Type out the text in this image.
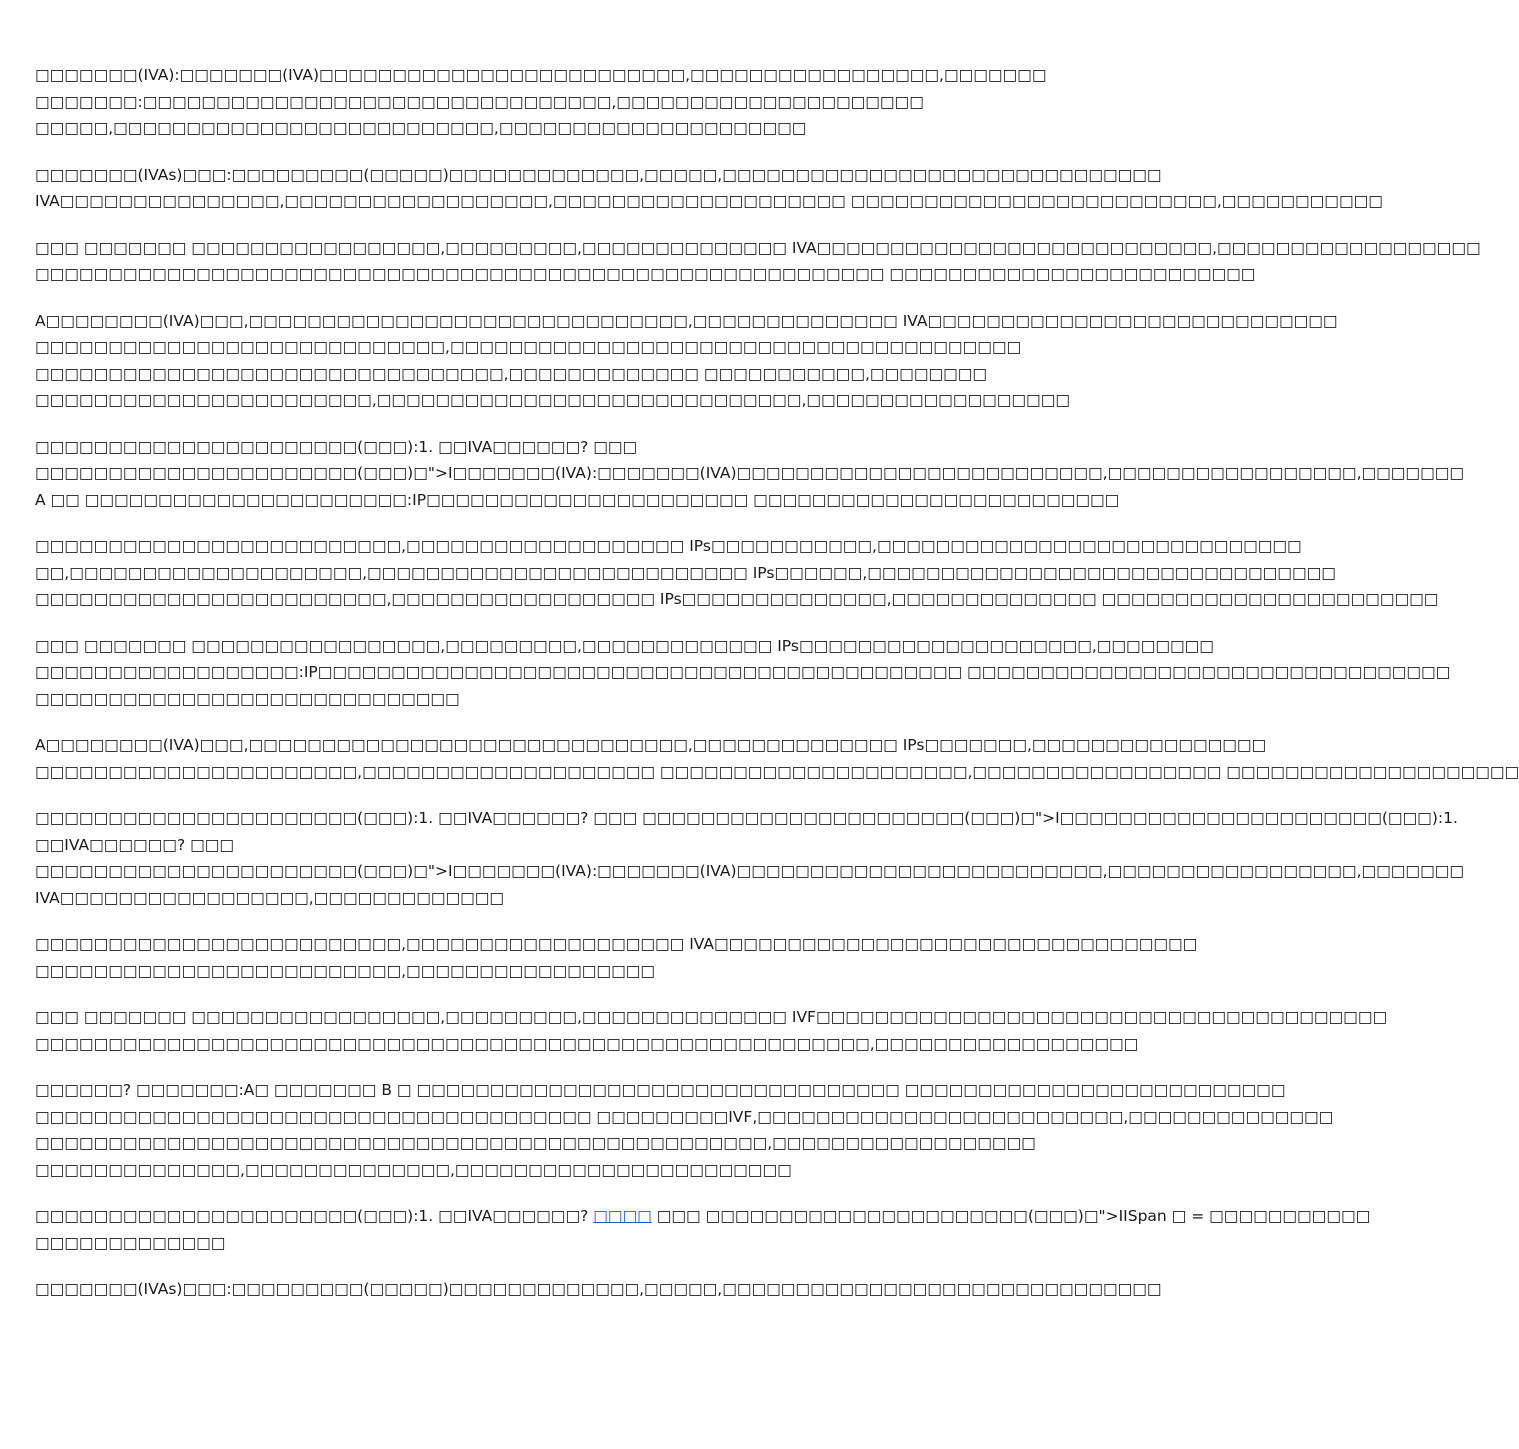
□□□□□□□(IVA):□□□□□□□(IVA)□□□□□□□□□□□□□□□□□□□□□□□□□,□□□□□□□□□□□□□□□□□,□□□□□□□
□□□□□□□:□□□□□□□□□□□□□□□□□□□□□□□□□□□□□□□□,□□□□□□□□□□□□□□□□□□□□□
□□□□□,□□□□□□□□□□□□□□□□□□□□□□□□□□,□□□□□□□□□□□□□□□□□□□□□
□□□□□□□(IVAs)□□□:□□□□□□□□□(□□□□□)□□□□□□□□□□□□□,□□□□□,□□□□□□□□□□□□□□□□□□□□□□□□□□□□□□
IVA□□□□□□□□□□□□□□□,□□□□□□□□□□□□□□□□□□,□□□□□□□□□□□□□□□□□□□□ □□□□□□□□□□□□□□□□□□□□□□□□□,□□□□□□□□□□□
□□□ □□□□□□□ □□□□□□□□□□□□□□□□□,□□□□□□□□□,□□□□□□□□□□□□□□ IVA□□□□□□□□□□□□□□□□□□□□□□□□□□□,□□□□□□□□□□□□□□□□□□
□□□□□□□□□□□□□□□□□□□□□□□□□□□□□□□□□□□□□□□□□□□□□□□□□□□□□□□□□□ □□□□□□□□□□□□□□□□□□□□□□□□□
A□□□□□□□□(IVA)□□□,□□□□□□□□□□□□□□□□□□□□□□□□□□□□□□,□□□□□□□□□□□□□□ IVA□□□□□□□□□□□□□□□□□□□□□□□□□□□□
□□□□□□□□□□□□□□□□□□□□□□□□□□□□,□□□□□□□□□□□□□□□□□□□□□□□□□□□□□□□□□□□□□□□
□□□□□□□□□□□□□□□□□□□□□□□□□□□□□□□□,□□□□□□□□□□□□□ □□□□□□□□□□□,□□□□□□□□
□□□□□□□□□□□□□□□□□□□□□□□,□□□□□□□□□□□□□□□□□□□□□□□□□□□□□,□□□□□□□□□□□□□□□□□□
□□□□□□□□□□□□□□□□□□□□□□(□□□):1. □□IVA□□□□□□? □□□
□□□□□□□□□□□□□□□□□□□□□□(□□□)□">I□□□□□□□(IVA):□□□□□□□(IVA)□□□□□□□□□□□□□□□□□□□□□□□□□,□□□□□□□□□□□□□□□□□,□□□□□□□
A □□ □□□□□□□□□□□□□□□□□□□□□□:IP□□□□□□□□□□□□□□□□□□□□□□ □□□□□□□□□□□□□□□□□□□□□□□□□
□□□□□□□□□□□□□□□□□□□□□□□□□,□□□□□□□□□□□□□□□□□□□ IPs□□□□□□□□□□□,□□□□□□□□□□□□□□□□□□□□□□□□□□□□□
□□,□□□□□□□□□□□□□□□□□□□□,□□□□□□□□□□□□□□□□□□□□□□□□□□ IPs□□□□□□,□□□□□□□□□□□□□□□□□□□□□□□□□□□□□□□□
□□□□□□□□□□□□□□□□□□□□□□□□,□□□□□□□□□□□□□□□□□□ IPs□□□□□□□□□□□□□□,□□□□□□□□□□□□□□ □□□□□□□□□□□□□□□□□□□□□□□
□□□ □□□□□□□ □□□□□□□□□□□□□□□□□,□□□□□□□□□,□□□□□□□□□□□□□ IPs□□□□□□□□□□□□□□□□□□□□,□□□□□□□□
□□□□□□□□□□□□□□□□□□:IP□□□□□□□□□□□□□□□□□□□□□□□□□□□□□□□□□□□□□□□□□□□□ □□□□□□□□□□□□□□□□□□□□□□□□□□□□□□□□□
□□□□□□□□□□□□□□□□□□□□□□□□□□□□□
A□□□□□□□□(IVA)□□□,□□□□□□□□□□□□□□□□□□□□□□□□□□□□□□,□□□□□□□□□□□□□□ IPs□□□□□□□,□□□□□□□□□□□□□□□□
□□□□□□□□□□□□□□□□□□□□□□,□□□□□□□□□□□□□□□□□□□□ □□□□□□□□□□□□□□□□□□□□□,□□□□□□□□□□□□□□□□□ □□□□□□□□□□□□□□□□□□□□
□□□□□□□□□□□□□□□□□□□□□□(□□□):1. □□IVA□□□□□□? □□□ □□□□□□□□□□□□□□□□□□□□□□(□□□)□">I□□□□□□□□□□□□□□□□□□□□□□(□□□):1.
□□IVA□□□□□□? □□□
□□□□□□□□□□□□□□□□□□□□□□(□□□)□">I□□□□□□□(IVA):□□□□□□□(IVA)□□□□□□□□□□□□□□□□□□□□□□□□□,□□□□□□□□□□□□□□□□□,□□□□□□□
IVA□□□□□□□□□□□□□□□□□,□□□□□□□□□□□□□
□□□□□□□□□□□□□□□□□□□□□□□□□,□□□□□□□□□□□□□□□□□□□ IVA□□□□□□□□□□□□□□□□□□□□□□□□□□□□□□□□□
□□□□□□□□□□□□□□□□□□□□□□□□□,□□□□□□□□□□□□□□□□□
□□□ □□□□□□□ □□□□□□□□□□□□□□□□□,□□□□□□□□□,□□□□□□□□□□□□□□ IVF□□□□□□□□□□□□□□□□□□□□□□□□□□□□□□□□□□□□□□□
□□□□□□□□□□□□□□□□□□□□□□□□□□□□□□□□□□□□□□□□□□□□□□□□□□□□□□□□□,□□□□□□□□□□□□□□□□□□
□□□□□□? □□□□□□□:A□ □□□□□□□ B □ □□□□□□□□□□□□□□□□□□□□□□□□□□□□□□□□□ □□□□□□□□□□□□□□□□□□□□□□□□□□
□□□□□□□□□□□□□□□□□□□□□□□□□□□□□□□□□□□□□□ □□□□□□□□□IVF,□□□□□□□□□□□□□□□□□□□□□□□□□,□□□□□□□□□□□□□□
□□□□□□□□□□□□□□□□□□□□□□□□□□□□□□□□□□□□□□□□□□□□□□□□□□,□□□□□□□□□□□□□□□□□□
□□□□□□□□□□□□□□,□□□□□□□□□□□□□□,□□□□□□□□□□□□□□□□□□□□□□□
□□□□□□□□□□□□□□□□□□□□□□(□□□):1. □□IVA□□□□□□? □□□□ □□□ □□□□□□□□□□□□□□□□□□□□□□(□□□)□">IISpan □ = □□□□□□□□□□□
□□□□□□□□□□□□□
□□□□□□□(IVAs)□□□:□□□□□□□□□(□□□□□)□□□□□□□□□□□□□,□□□□□,□□□□□□□□□□□□□□□□□□□□□□□□□□□□□□
